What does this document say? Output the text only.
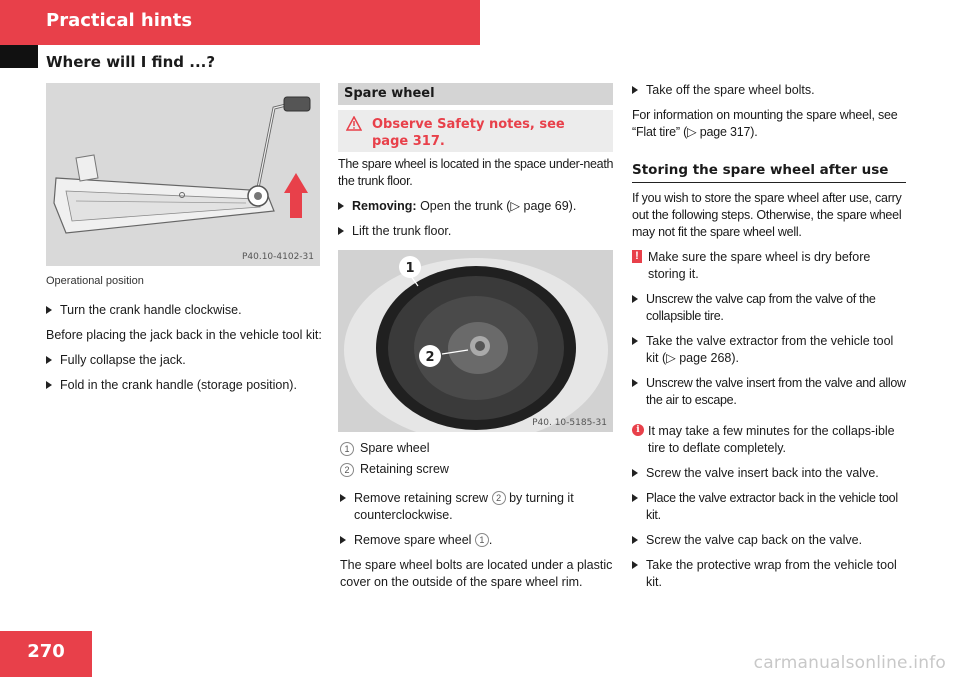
Practical hints
Where will I find ...?
P40.10-4102-31
Operational position
Turn the crank handle clockwise.

Before placing the jack back in the vehicle tool kit:

Fully collapse the jack.
Fold in the crank handle (storage position).
Spare wheel
Observe Safety notes, see
page 317.

The spare wheel is located in the space under-neath the trunk floor.

Removing: Open the trunk (▷ page 69).
Lift the trunk floor.
1
2
P40. 10-5185-31
1 Spare wheel
2 Retaining screw
Remove retaining screw 2 by turning it counterclockwise.
Remove spare wheel 1 .

The spare wheel bolts are located under a plastic cover on the outside of the spare wheel rim.

Take off the spare wheel bolts.

For information on mounting the spare wheel, see “Flat tire” (▷ page 317).

Storing the spare wheel after use

If you wish to store the spare wheel after use, carry out the following steps. Otherwise, the spare wheel may not fit the spare wheel well.

! Make sure the spare wheel is dry before storing it.
Unscrew the valve cap from the valve of the collapsible tire.
Take the valve extractor from the vehicle tool kit (▷ page 268).
Unscrew the valve insert from the valve and allow the air to escape.
i It may take a few minutes for the collaps-ible tire to deflate completely.
Screw the valve insert back into the valve.
Place the valve extractor back in the vehicle tool kit.
Screw the valve cap back on the valve.
Take the protective wrap from the vehicle tool kit.
270
carmanualsonline.info
